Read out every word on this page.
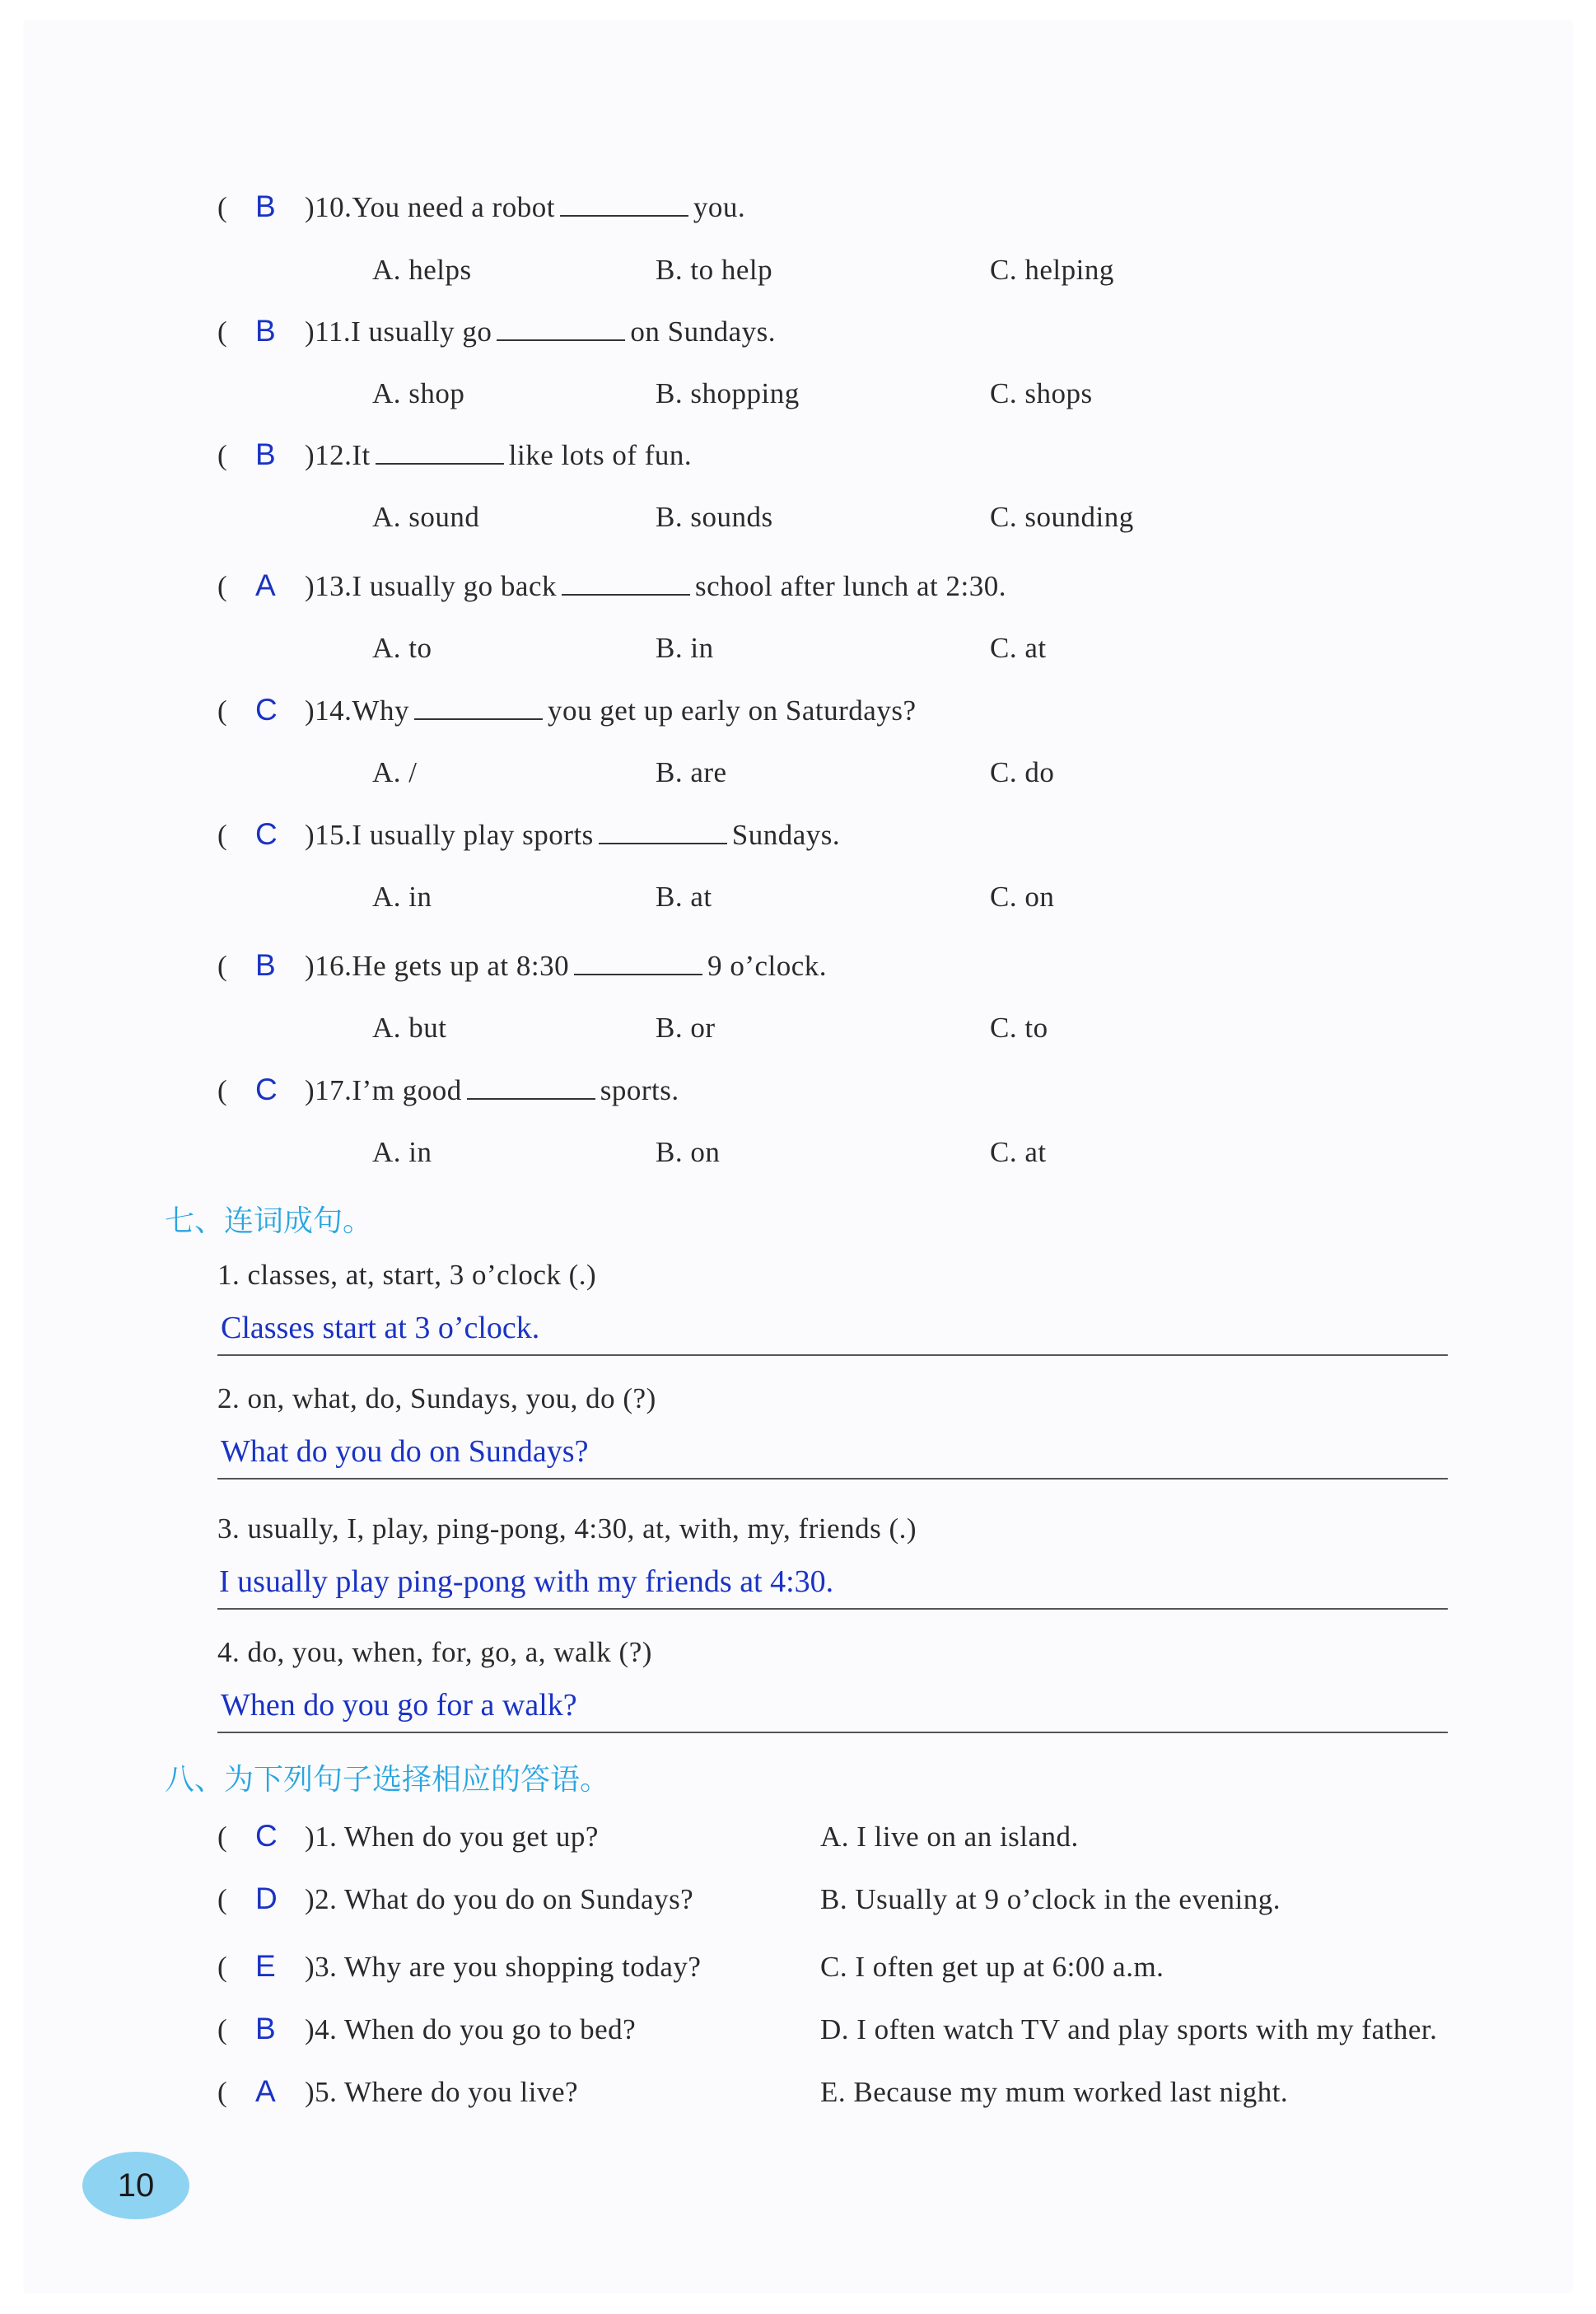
( B )10.You need a robot	you.
A. helps	B. to help	C. helping
( B )11.I usually go	on Sundays.
A. shop	B. shopping	C. shops
( B )12.It	like lots of fun.
A. sound	B. sounds	C. sounding
( A )13.I usually go back	school after lunch at 2:30.
A. to	B. in	C. at
( C )14.Why	you get up early on Saturdays?
A. /	B. are	C. do
( C )15.I usually play sports	Sundays.
A. in	B. at	C. on
( B )16.He gets up at 8:30	9 o’clock.
A. but	B. or	C. to
( C )17.I’m good	sports.
A. in	B. on	C. at
七、连词成句。
1. classes, at, start, 3 o’clock (.)
Classes start at 3 o’clock.
2. on, what, do, Sundays, you, do (?)
What do you do on Sundays?
3. usually, I, play, ping-pong, 4:30, at, with, my, friends (.)
I usually play ping-pong with my friends at 4:30.
4. do, you, when, for, go, a, walk (?)
When do you go for a walk?
八、为下列句子选择相应的答语。
( C )1. When do you get up?	A. I live on an island.
( D )2. What do you do on Sundays?	B. Usually at 9 o’clock in the evening.
( E )3. Why are you shopping today?	C. I often get up at 6:00 a.m.
( B )4. When do you go to bed?	D. I often watch TV and play sports with my father.
( A )5. Where do you live?	E. Because my mum worked last night.
10
